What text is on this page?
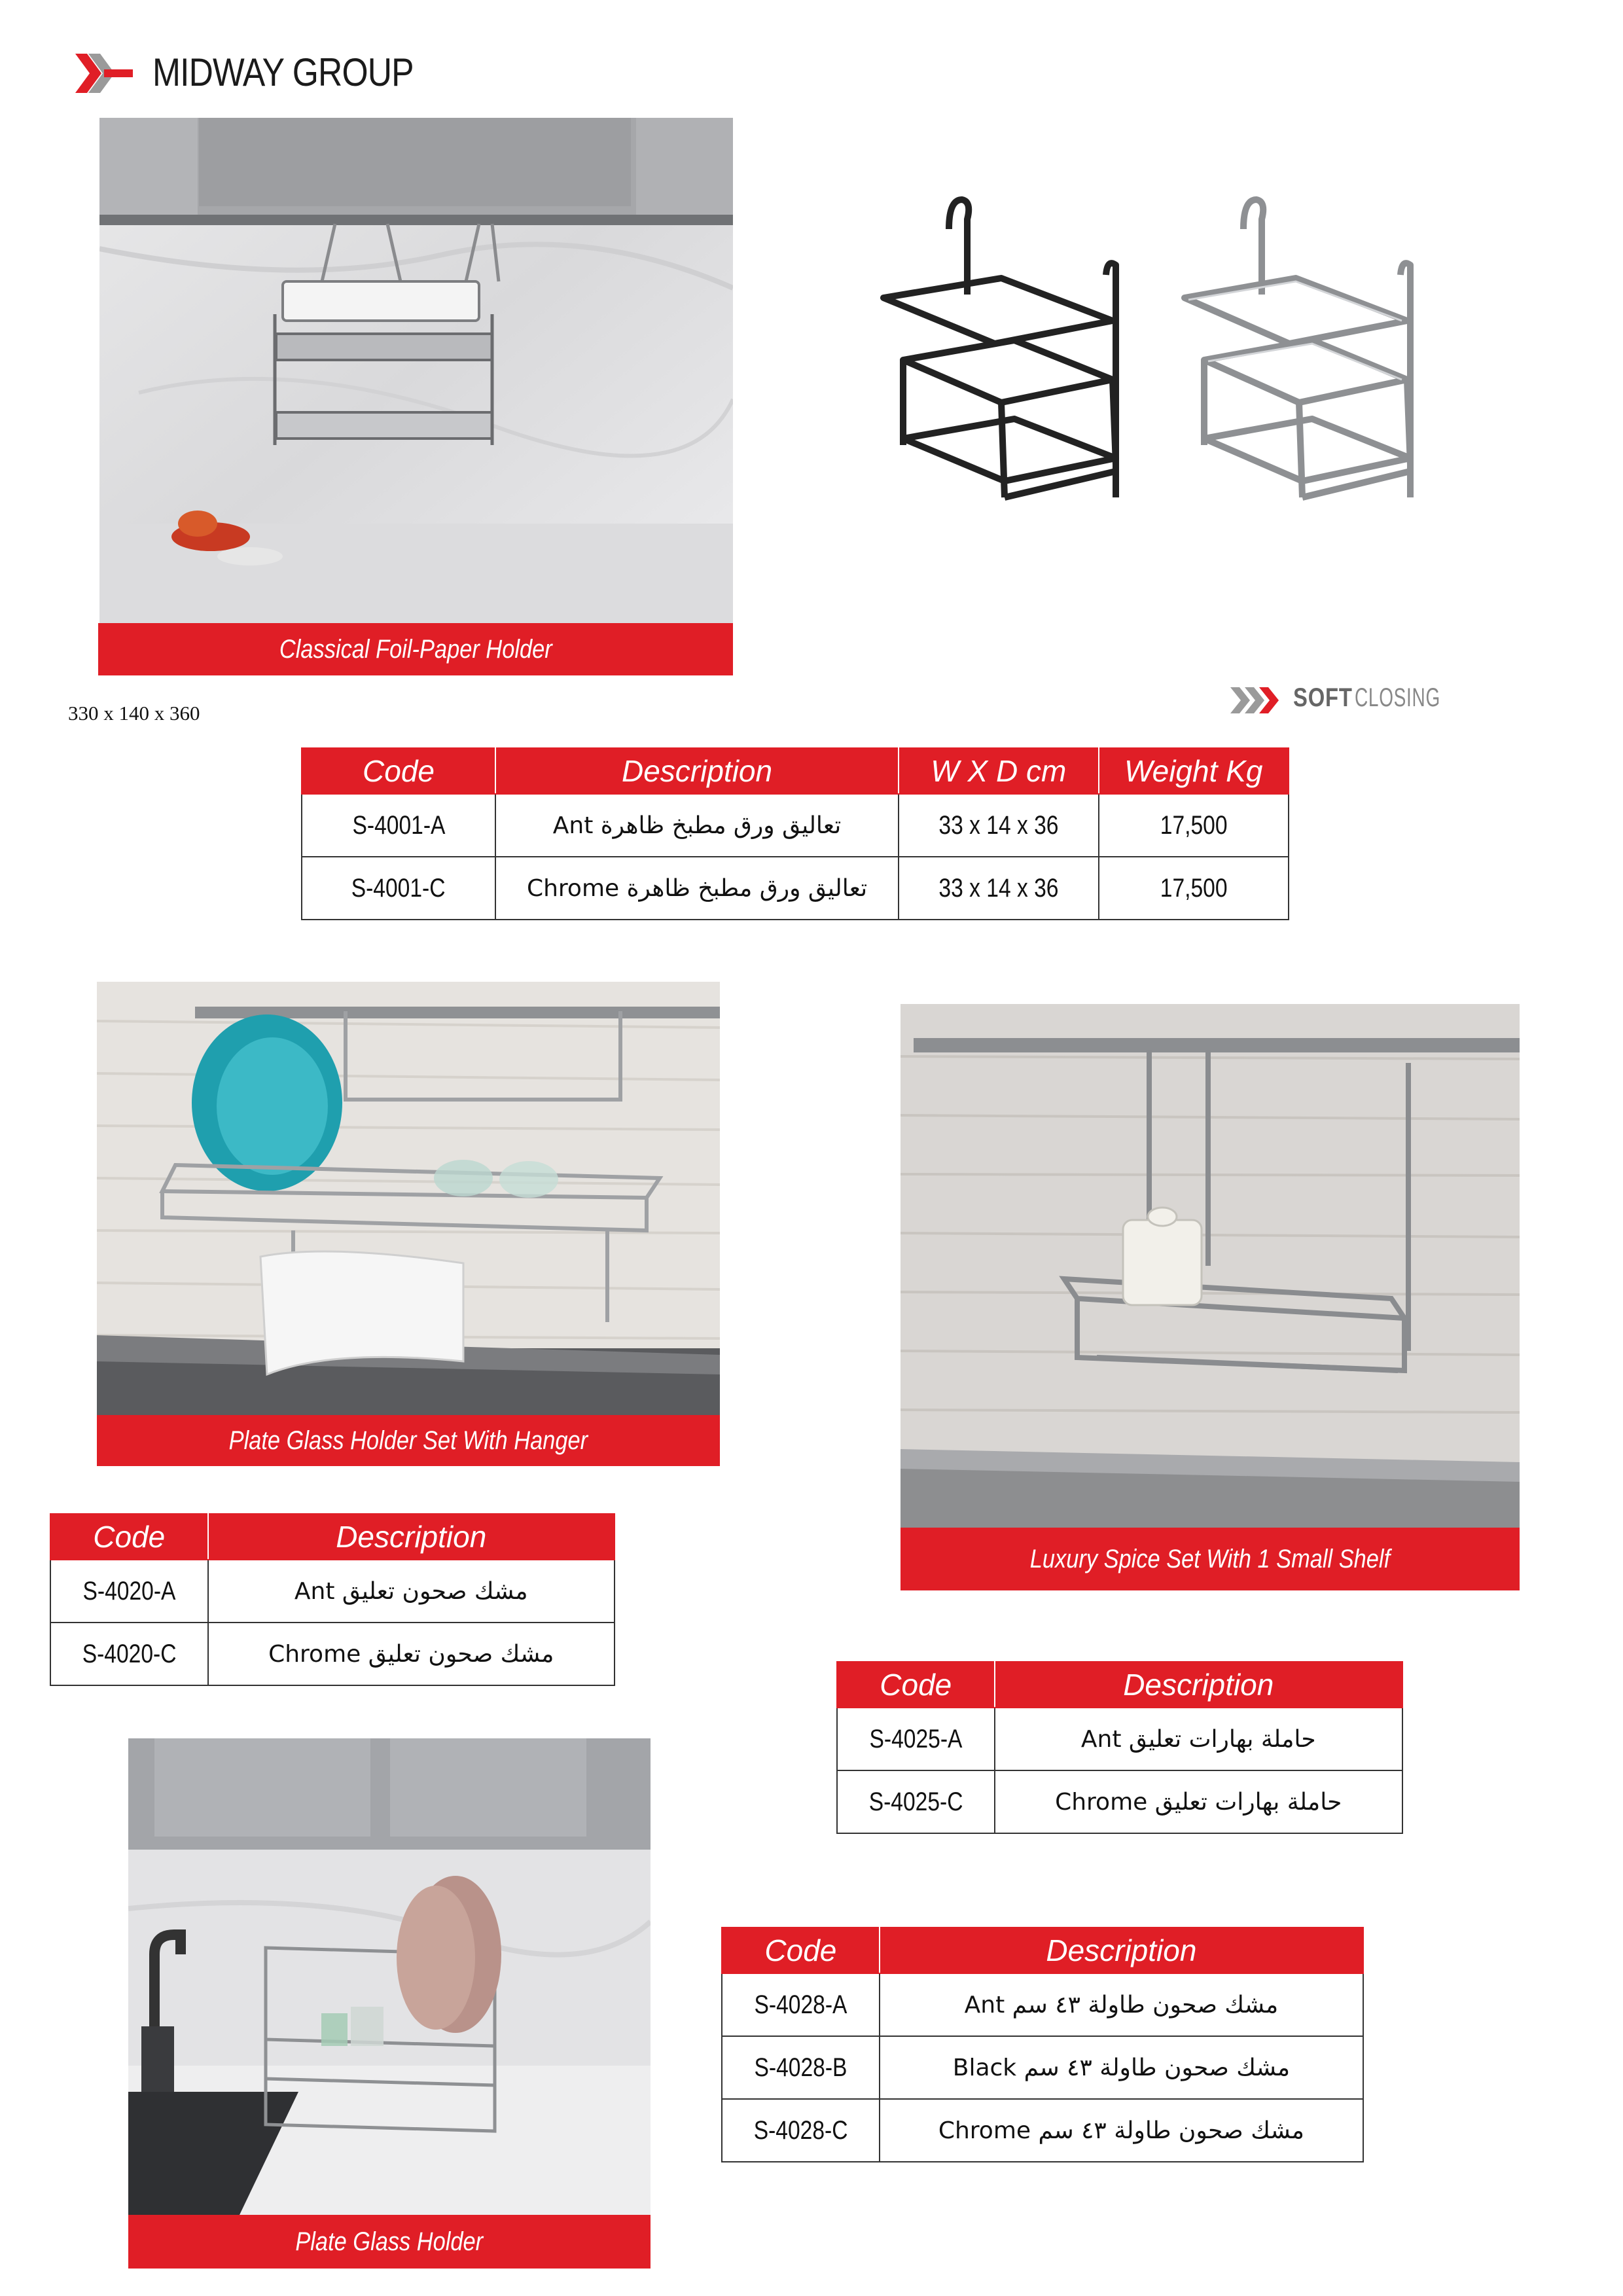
MIDWAY GROUP
Classical Foil-Paper Holder
330 x 140 x 360
SOFT CLOSING
Code	Description	W X D cm	Weight Kg
S-4001-A	تعاليق ورق مطبخ ظاهرة Ant	33 x 14 x 36	17,500
S-4001-C	تعاليق ورق مطبخ ظاهرة Chrome	33 x 14 x 36	17,500
Plate Glass Holder Set With Hanger
Code	Description
S-4020-A	مشك صحون تعليق Ant
S-4020-C	مشك صحون تعليق Chrome
Luxury Spice Set With 1 Small Shelf
Code	Description
S-4025-A	حاملة بهارات تعليق Ant
S-4025-C	حاملة بهارات تعليق Chrome
Plate Glass Holder
Code	Description
S-4028-A	مشك صحون طاولة ٤٣ سم Ant
S-4028-B	مشك صحون طاولة ٤٣ سم Black
S-4028-C	مشك صحون طاولة ٤٣ سم Chrome
